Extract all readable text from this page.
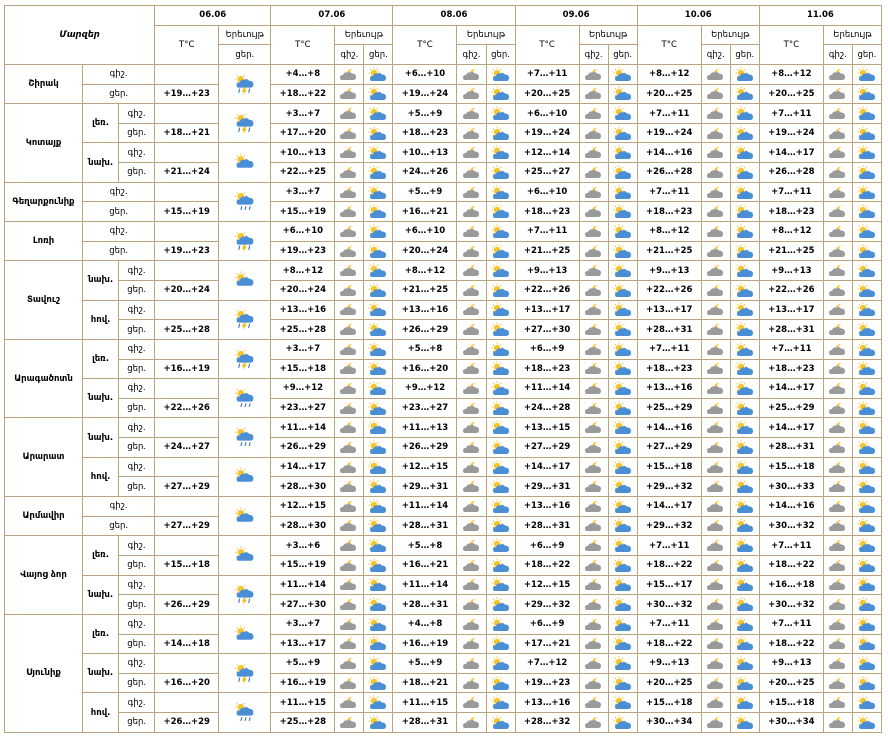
Մարզեր			06.06		07.06			08.06			09.06			10.06			11.06		
			T°C	Երեւույթ	T°C	Երեւույթ		T°C	Երեւույթ		T°C	Երեւույթ		T°C	Երեւույթ		T°C	Երեւույթ	
				ցեր.		գիշ.	ցեր.		գիշ.	ցեր.		գիշ.	ցեր.		գիշ.	ցեր.		գիշ.	ցեր.
Շիրակ	գիշ.				+4…+8			+6…+10			+7…+11			+8…+12			+8…+12	

	ցեր.		+19…+23		+18…+22			+19…+24			+20…+25			+20…+25			+20…+25	

Կոտայք	լեռ.	գիշ.			+3…+7			+5…+9			+6…+10			+7…+11			+7…+11	

		ցեր.	+18…+21		+17…+20			+18…+23			+19…+24			+19…+24			+19…+24	

	նախ.	գիշ.			+10…+13			+10…+13			+12…+14			+14…+16			+14…+17	

		ցեր.	+21…+24		+22…+25			+24…+26			+25…+27			+26…+28			+26…+28	

Գեղարքունիք	գիշ.				+3…+7			+5…+9			+6…+10			+7…+11			+7…+11	

	ցեր.		+15…+19		+15…+19			+16…+21			+18…+23			+18…+23			+18…+23	

Լոռի	գիշ.				+6…+10			+6…+10			+7…+11			+8…+12			+8…+12	

	ցեր.		+19…+23		+19…+23			+20…+24			+21…+25			+21…+25			+21…+25	

Տավուշ	նախ.	գիշ.			+8…+12			+8…+12			+9…+13			+9…+13			+9…+13	

		ցեր.	+20…+24		+20…+24			+21…+25			+22…+26			+22…+26			+22…+26	

	հով.	գիշ.			+13…+16			+13…+16			+13…+17			+13…+17			+13…+17	

		ցեր.	+25…+28		+25…+28			+26…+29			+27…+30			+28…+31			+28…+31	

Արագածոտն	լեռ.	գիշ.			+3…+7			+5…+8			+6…+9			+7…+11			+7…+11	

		ցեր.	+16…+19		+15…+18			+16…+20			+18…+23			+18…+23			+18…+23	

	նախ.	գիշ.			+9…+12			+9…+12			+11…+14			+13…+16			+14…+17	

		ցեր.	+22…+26		+23…+27			+23…+27			+24…+28			+25…+29			+25…+29	

Արարատ	նախ.	գիշ.			+11…+14			+11…+13			+13…+15			+14…+16			+14…+17	

		ցեր.	+24…+27		+26…+29			+26…+29			+27…+29			+27…+29			+28…+31	

	հով.	գիշ.			+14…+17			+12…+15			+14…+17			+15…+18			+15…+18	

		ցեր.	+27…+29		+28…+30			+29…+31			+29…+31			+29…+32			+30…+33	

Արմավիր	գիշ.				+12…+15			+11…+14			+13…+16			+14…+17			+14…+16	

	ցեր.		+27…+29		+28…+30			+28…+31			+28…+31			+29…+32			+30…+32	

Վայոց ձոր	լեռ.	գիշ.			+3…+6			+5…+8			+6…+9			+7…+11			+7…+11	

		ցեր.	+15…+18		+15…+19			+16…+21			+18…+22			+18…+22			+18…+22	

	նախ.	գիշ.			+11…+14			+11…+14			+12…+15			+15…+17			+16…+18	

		ցեր.	+26…+29		+27…+30			+28…+31			+29…+32			+30…+32			+30…+32	

Սյունիք	լեռ.	գիշ.			+3…+7			+4…+8			+6…+9			+7…+11			+7…+11	

		ցեր.	+14…+18		+13…+17			+16…+19			+17…+21			+18…+22			+18…+22	

	նախ.	գիշ.			+5…+9			+5…+9			+7…+12			+9…+13			+9…+13	

		ցեր.	+16…+20		+16…+19			+18…+21			+19…+23			+20…+25			+20…+25	

	հով.	գիշ.			+11…+15			+11…+15			+13…+16			+15…+18			+15…+18	

		ցեր.	+26…+29		+25…+28			+28…+31			+28…+32			+30…+34			+30…+34	
